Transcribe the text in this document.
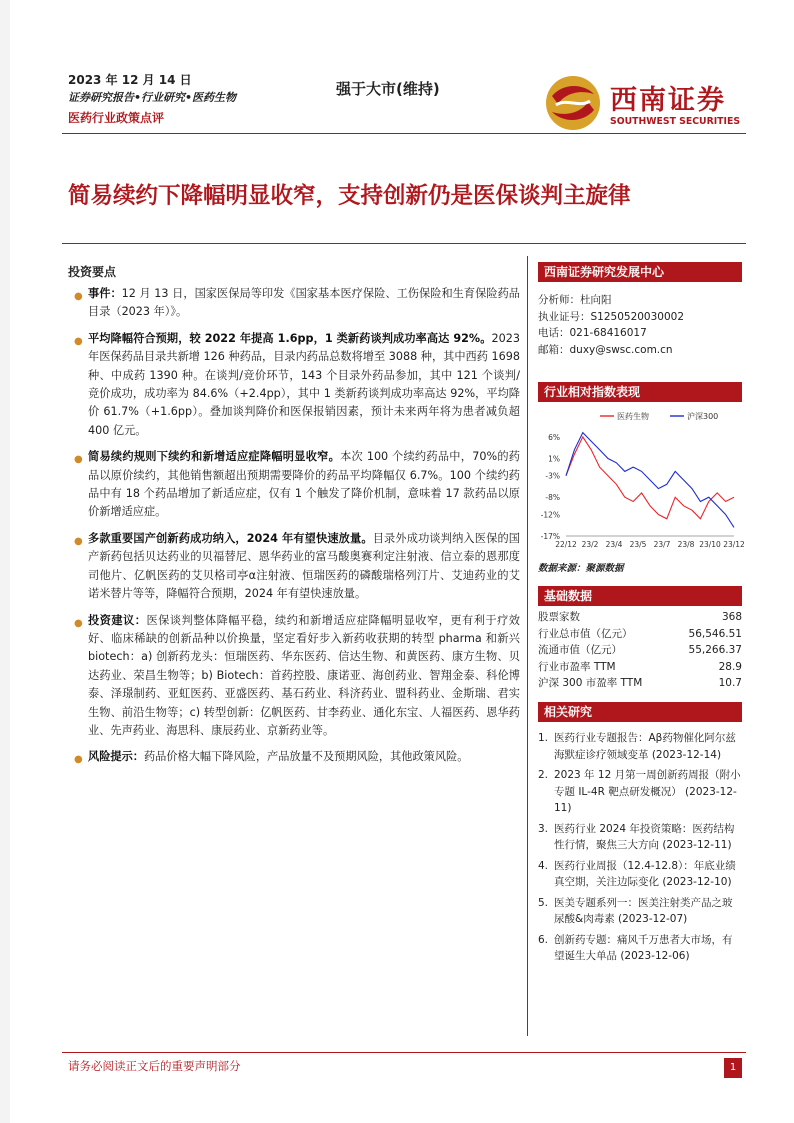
2023 年 12 月 14 日
证券研究报告•行业研究•医药生物
医药行业政策点评
强于大市(维持)	西南证券
SOUTHWEST SECURITIES
简易续约下降幅明显收窄，支持创新仍是医保谈判主旋律
投资要点
● 事件：12 月 13 日，国家医保局等印发《国家基本医疗保险、工伤保险和生育保险药品目录（2023 年）》。
● 平均降幅符合预期，较 2022 年提高 1.6pp，1 类新药谈判成功率高达 92%。2023 年医保药品目录共新增 126 种药品，目录内药品总数将增至 3088 种，其中西药 1698 种、中成药 1390 种。在谈判/竞价环节，143 个目录外药品参加，其中 121 个谈判/竞价成功，成功率为 84.6%（+2.4pp），其中 1 类新药谈判成功率高达 92%，平均降价 61.7%（+1.6pp）。叠加谈判降价和医保报销因素，预计未来两年将为患者减负超 400 亿元。
● 简易续约规则下续约和新增适应症降幅明显收窄。本次 100 个续约药品中，70%的药品以原价续约，其他销售额超出预期需要降价的药品平均降幅仅 6.7%。100 个续约药品中有 18 个药品增加了新适应症，仅有 1 个触发了降价机制，意味着 17 款药品以原价新增适应症。
● 多款重要国产创新药成功纳入，2024 年有望快速放量。目录外成功谈判纳入医保的国产新药包括贝达药业的贝福替尼、恩华药业的富马酸奥赛利定注射液、信立泰的恩那度司他片、亿帆医药的艾贝格司亭α注射液、恒瑞医药的磷酸瑞格列汀片、艾迪药业的艾诺米替片等等，降幅符合预期，2024 年有望快速放量。
● 投资建议：医保谈判整体降幅平稳，续约和新增适应症降幅明显收窄，更有利于疗效好、临床稀缺的创新品种以价换量，坚定看好步入新药收获期的转型 pharma 和新兴 biotech：a) 创新药龙头：恒瑞医药、华东医药、信达生物、和黄医药、康方生物、贝达药业、荣昌生物等；b) Biotech：首药控股、康诺亚、海创药业、智翔金泰、科伦博泰、泽璟制药、亚虹医药、亚盛医药、基石药业、科济药业、盟科药业、金斯瑞、君实生物、前沿生物等；c) 转型创新：亿帆医药、甘李药业、通化东宝、人福医药、恩华药业、先声药业、海思科、康辰药业、京新药业等。
● 风险提示：药品价格大幅下降风险，产品放量不及预期风险，其他政策风险。
西南证券研究发展中心
分析师：杜向阳
执业证号：S1250520030002
电话：021-68416017
邮箱：duxy@swsc.com.cn
行业相对指数表现
6%
1%
-3%
-8%
-12%
-17%
22/12 23/2 23/4 23/5 23/7 23/8 23/10 23/12
医药生物	沪深300
数据来源：聚源数据
基础数据
股票家数	368
行业总市值（亿元）	56,546.51
流通市值（亿元）	55,266.37
行业市盈率 TTM	28.9
沪深 300 市盈率 TTM	10.7
相关研究
1. 医药行业专题报告：Aβ药物催化阿尔兹海默症诊疗领域变革 (2023-12-14)
2. 2023 年 12 月第一周创新药周报（附小专题 IL-4R 靶点研发概况） (2023-12-11)
3. 医药行业 2024 年投资策略：医药结构性行情，聚焦三大方向 (2023-12-11)
4. 医药行业周报（12.4-12.8）：年底业绩真空期，关注边际变化 (2023-12-10)
5. 医美专题系列一：医美注射类产品之玻尿酸&肉毒素 (2023-12-07)
6. 创新药专题：痛风千万患者大市场，有望诞生大单品 (2023-12-06)
请务必阅读正文后的重要声明部分	1
